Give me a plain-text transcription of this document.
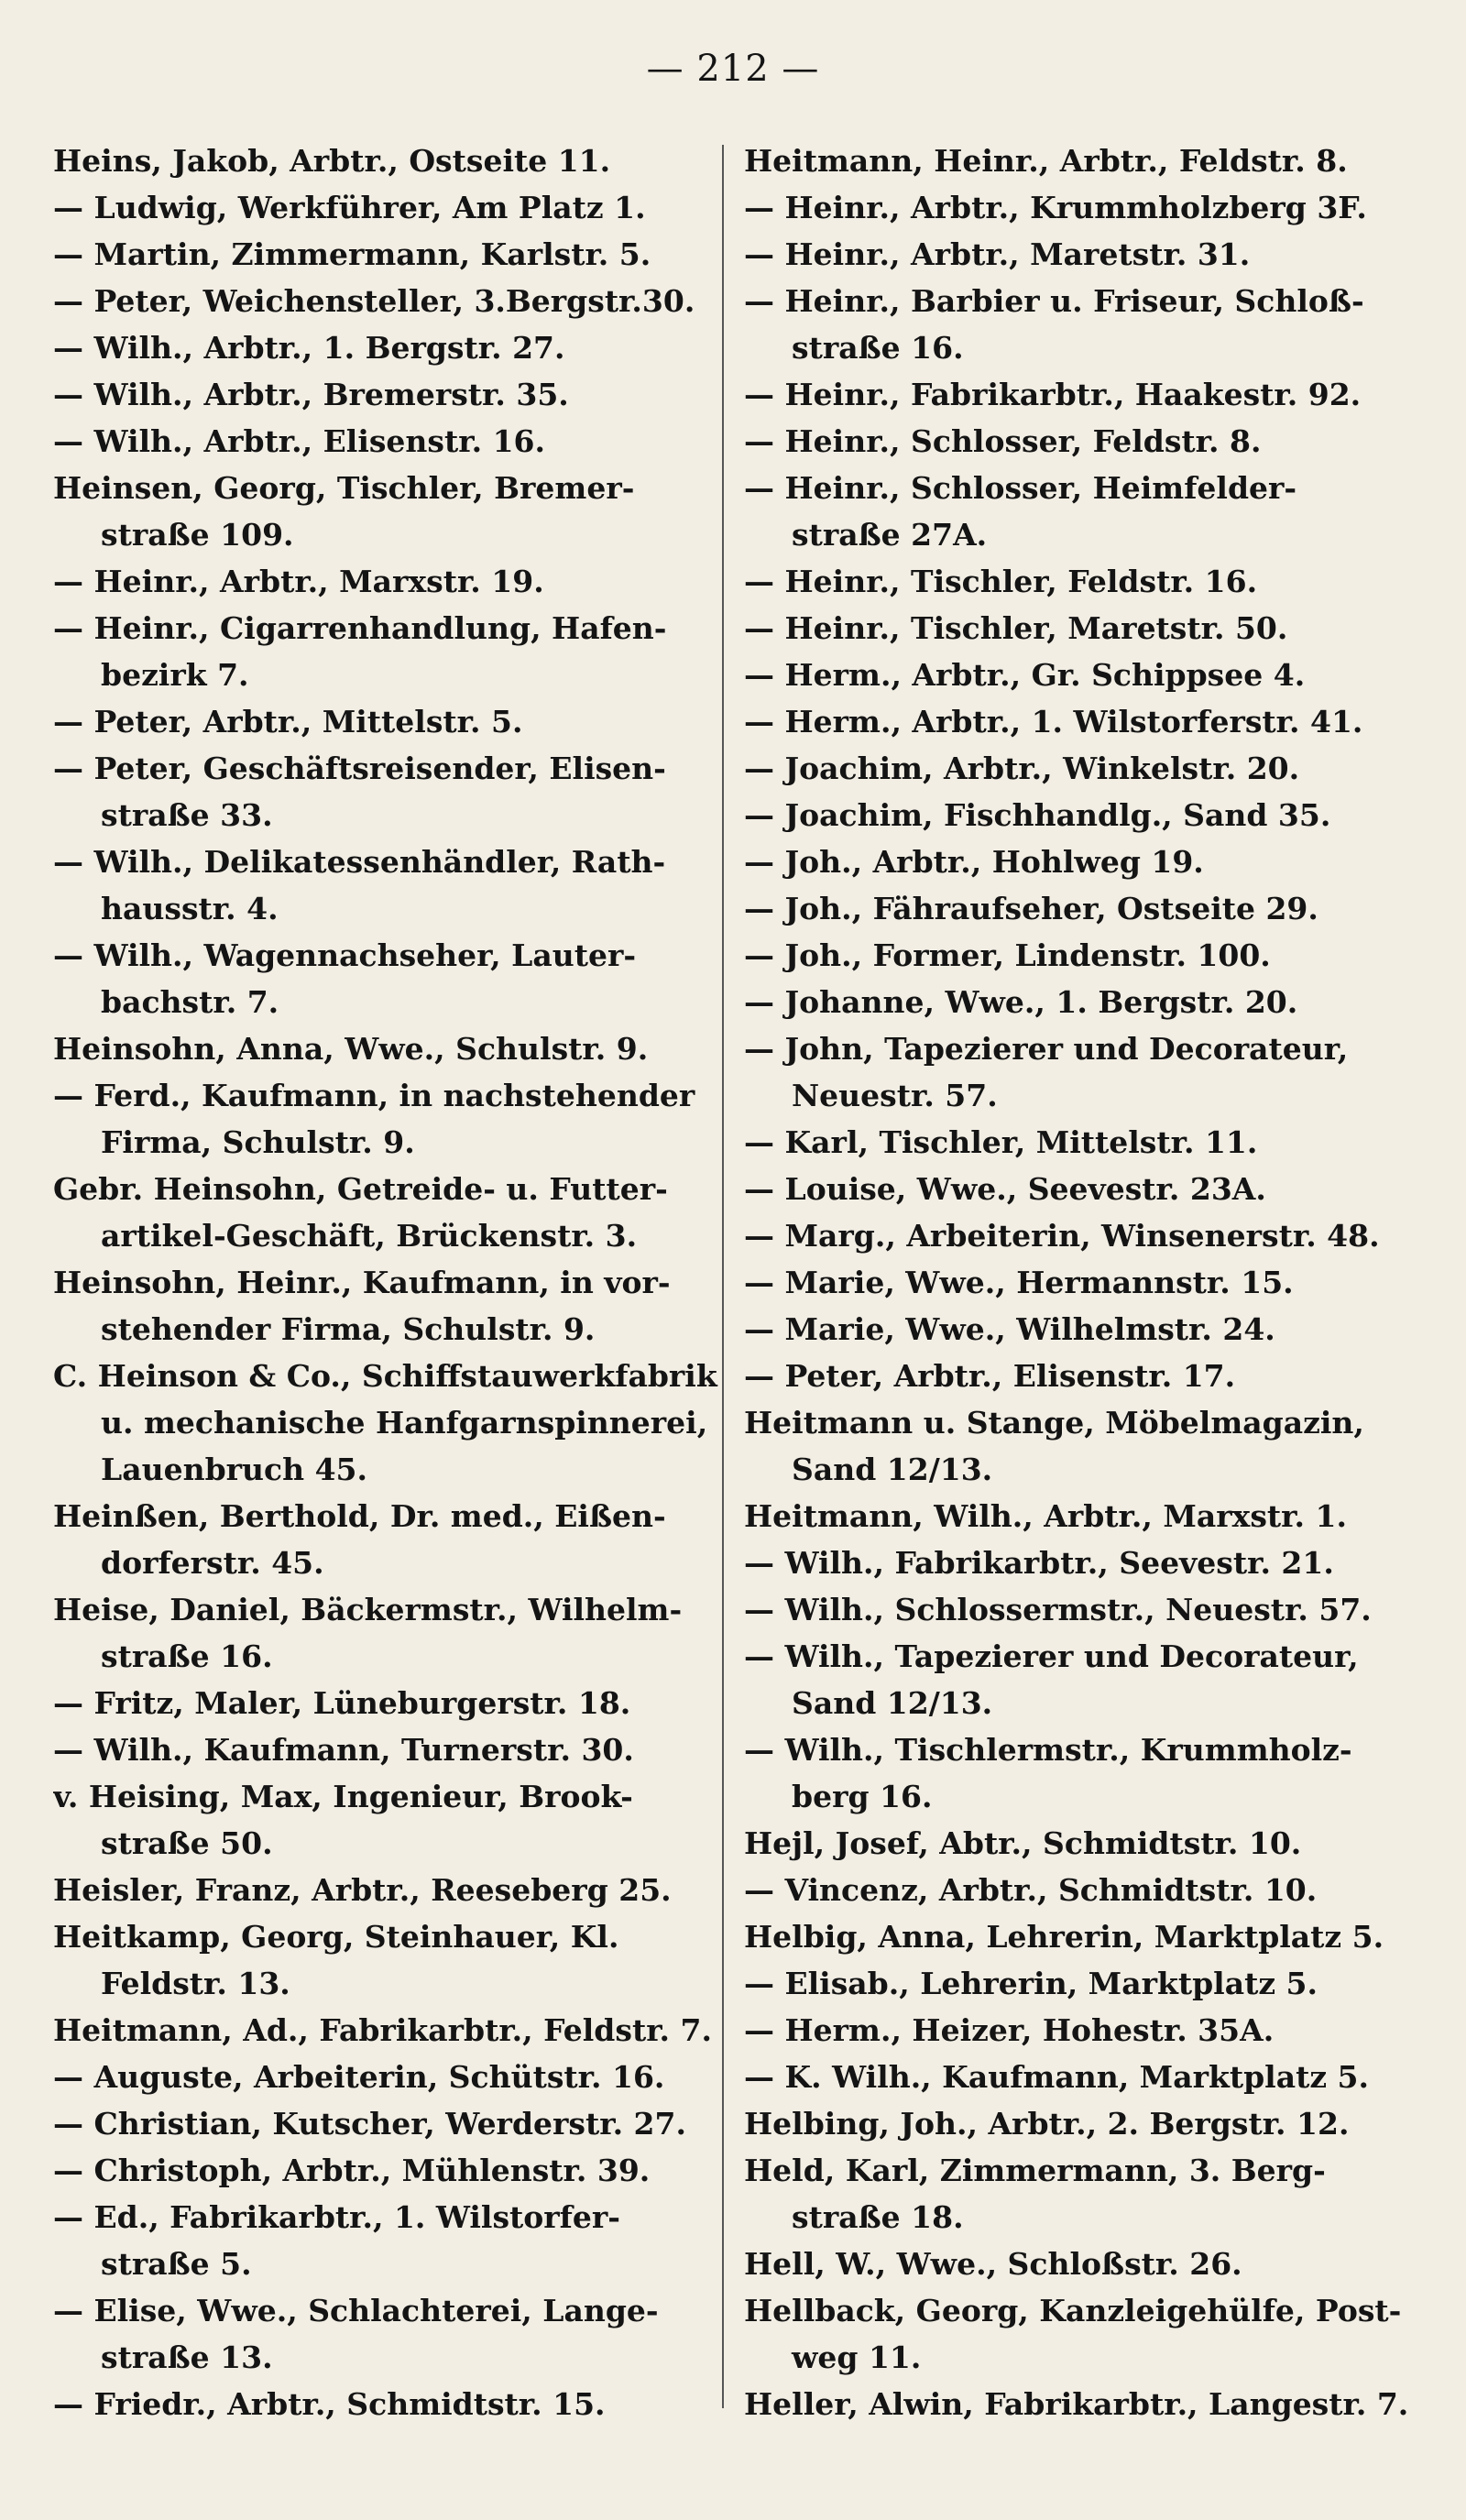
— 212 —
Heins, Jakob, Arbtr., Ostseite 11.
— Ludwig, Werkführer, Am Platz 1.
— Martin, Zimmermann, Karlstr. 5.
— Peter, Weichensteller, 3.Bergstr.30.
— Wilh., Arbtr., 1. Bergstr. 27.
— Wilh., Arbtr., Bremerstr. 35.
— Wilh., Arbtr., Elisenstr. 16.
Heinsen, Georg, Tischler, Bremer-
straße 109.
— Heinr., Arbtr., Marxstr. 19.
— Heinr., Cigarrenhandlung, Hafen-
bezirk 7.
— Peter, Arbtr., Mittelstr. 5.
— Peter, Geschäftsreisender, Elisen-
straße 33.
— Wilh., Delikatessenhändler, Rath-
hausstr. 4.
— Wilh., Wagennachseher, Lauter-
bachstr. 7.
Heinsohn, Anna, Wwe., Schulstr. 9.
— Ferd., Kaufmann, in nachstehender
Firma, Schulstr. 9.
Gebr. Heinsohn, Getreide- u. Futter-
artikel-Geschäft, Brückenstr. 3.
Heinsohn, Heinr., Kaufmann, in vor-
stehender Firma, Schulstr. 9.
C. Heinson & Co., Schiffstauwerkfabrik
u. mechanische Hanfgarnspinnerei,
Lauenbruch 45.
Heinßen, Berthold, Dr. med., Eißen-
dorferstr. 45.
Heise, Daniel, Bäckermstr., Wilhelm-
straße 16.
— Fritz, Maler, Lüneburgerstr. 18.
— Wilh., Kaufmann, Turnerstr. 30.
v. Heising, Max, Ingenieur, Brook-
straße 50.
Heisler, Franz, Arbtr., Reeseberg 25.
Heitkamp, Georg, Steinhauer, Kl.
Feldstr. 13.
Heitmann, Ad., Fabrikarbtr., Feldstr. 7.
— Auguste, Arbeiterin, Schütstr. 16.
— Christian, Kutscher, Werderstr. 27.
— Christoph, Arbtr., Mühlenstr. 39.
— Ed., Fabrikarbtr., 1. Wilstorfer-
straße 5.
— Elise, Wwe., Schlachterei, Lange-
straße 13.
— Friedr., Arbtr., Schmidtstr. 15.
Heitmann, Heinr., Arbtr., Feldstr. 8.
— Heinr., Arbtr., Krummholzberg 3F.
— Heinr., Arbtr., Maretstr. 31.
— Heinr., Barbier u. Friseur, Schloß-
straße 16.
— Heinr., Fabrikarbtr., Haakestr. 92.
— Heinr., Schlosser, Feldstr. 8.
— Heinr., Schlosser, Heimfelder-
straße 27A.
— Heinr., Tischler, Feldstr. 16.
— Heinr., Tischler, Maretstr. 50.
— Herm., Arbtr., Gr. Schippsee 4.
— Herm., Arbtr., 1. Wilstorferstr. 41.
— Joachim, Arbtr., Winkelstr. 20.
— Joachim, Fischhandlg., Sand 35.
— Joh., Arbtr., Hohlweg 19.
— Joh., Fähraufseher, Ostseite 29.
— Joh., Former, Lindenstr. 100.
— Johanne, Wwe., 1. Bergstr. 20.
— John, Tapezierer und Decorateur,
Neuestr. 57.
— Karl, Tischler, Mittelstr. 11.
— Louise, Wwe., Seevestr. 23A.
— Marg., Arbeiterin, Winsenerstr. 48.
— Marie, Wwe., Hermannstr. 15.
— Marie, Wwe., Wilhelmstr. 24.
— Peter, Arbtr., Elisenstr. 17.
Heitmann u. Stange, Möbelmagazin,
Sand 12/13.
Heitmann, Wilh., Arbtr., Marxstr. 1.
— Wilh., Fabrikarbtr., Seevestr. 21.
— Wilh., Schlossermstr., Neuestr. 57.
— Wilh., Tapezierer und Decorateur,
Sand 12/13.
— Wilh., Tischlermstr., Krummholz-
berg 16.
Hejl, Josef, Abtr., Schmidtstr. 10.
— Vincenz, Arbtr., Schmidtstr. 10.
Helbig, Anna, Lehrerin, Marktplatz 5.
— Elisab., Lehrerin, Marktplatz 5.
— Herm., Heizer, Hohestr. 35A.
— K. Wilh., Kaufmann, Marktplatz 5.
Helbing, Joh., Arbtr., 2. Bergstr. 12.
Held, Karl, Zimmermann, 3. Berg-
straße 18.
Hell, W., Wwe., Schloßstr. 26.
Hellback, Georg, Kanzleigehülfe, Post-
weg 11.
Heller, Alwin, Fabrikarbtr., Langestr. 7.
